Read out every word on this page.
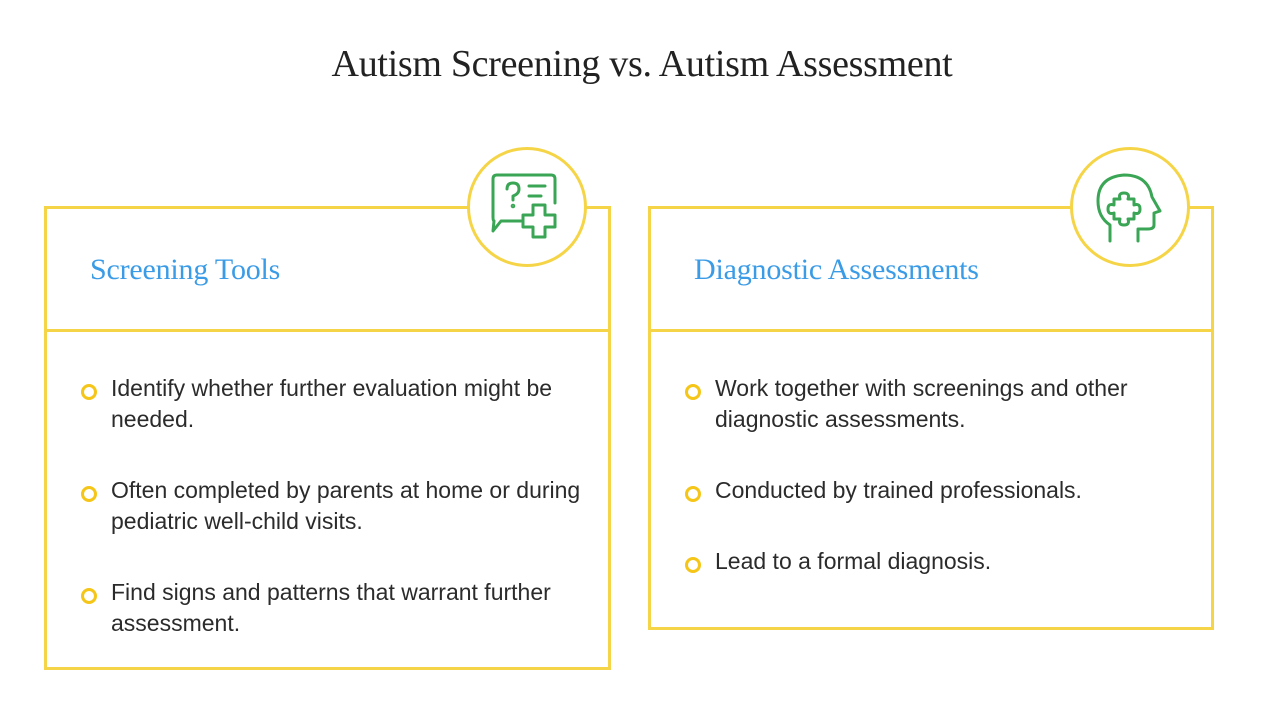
Autism Screening vs. Autism Assessment
Screening Tools
Identify whether further evaluation might be needed.
Often completed by parents at home or during pediatric well-child visits.
Find signs and patterns that warrant further assessment.
Diagnostic Assessments
Work together with screenings and other diagnostic assessments.
Conducted by trained professionals.
Lead to a formal diagnosis.
